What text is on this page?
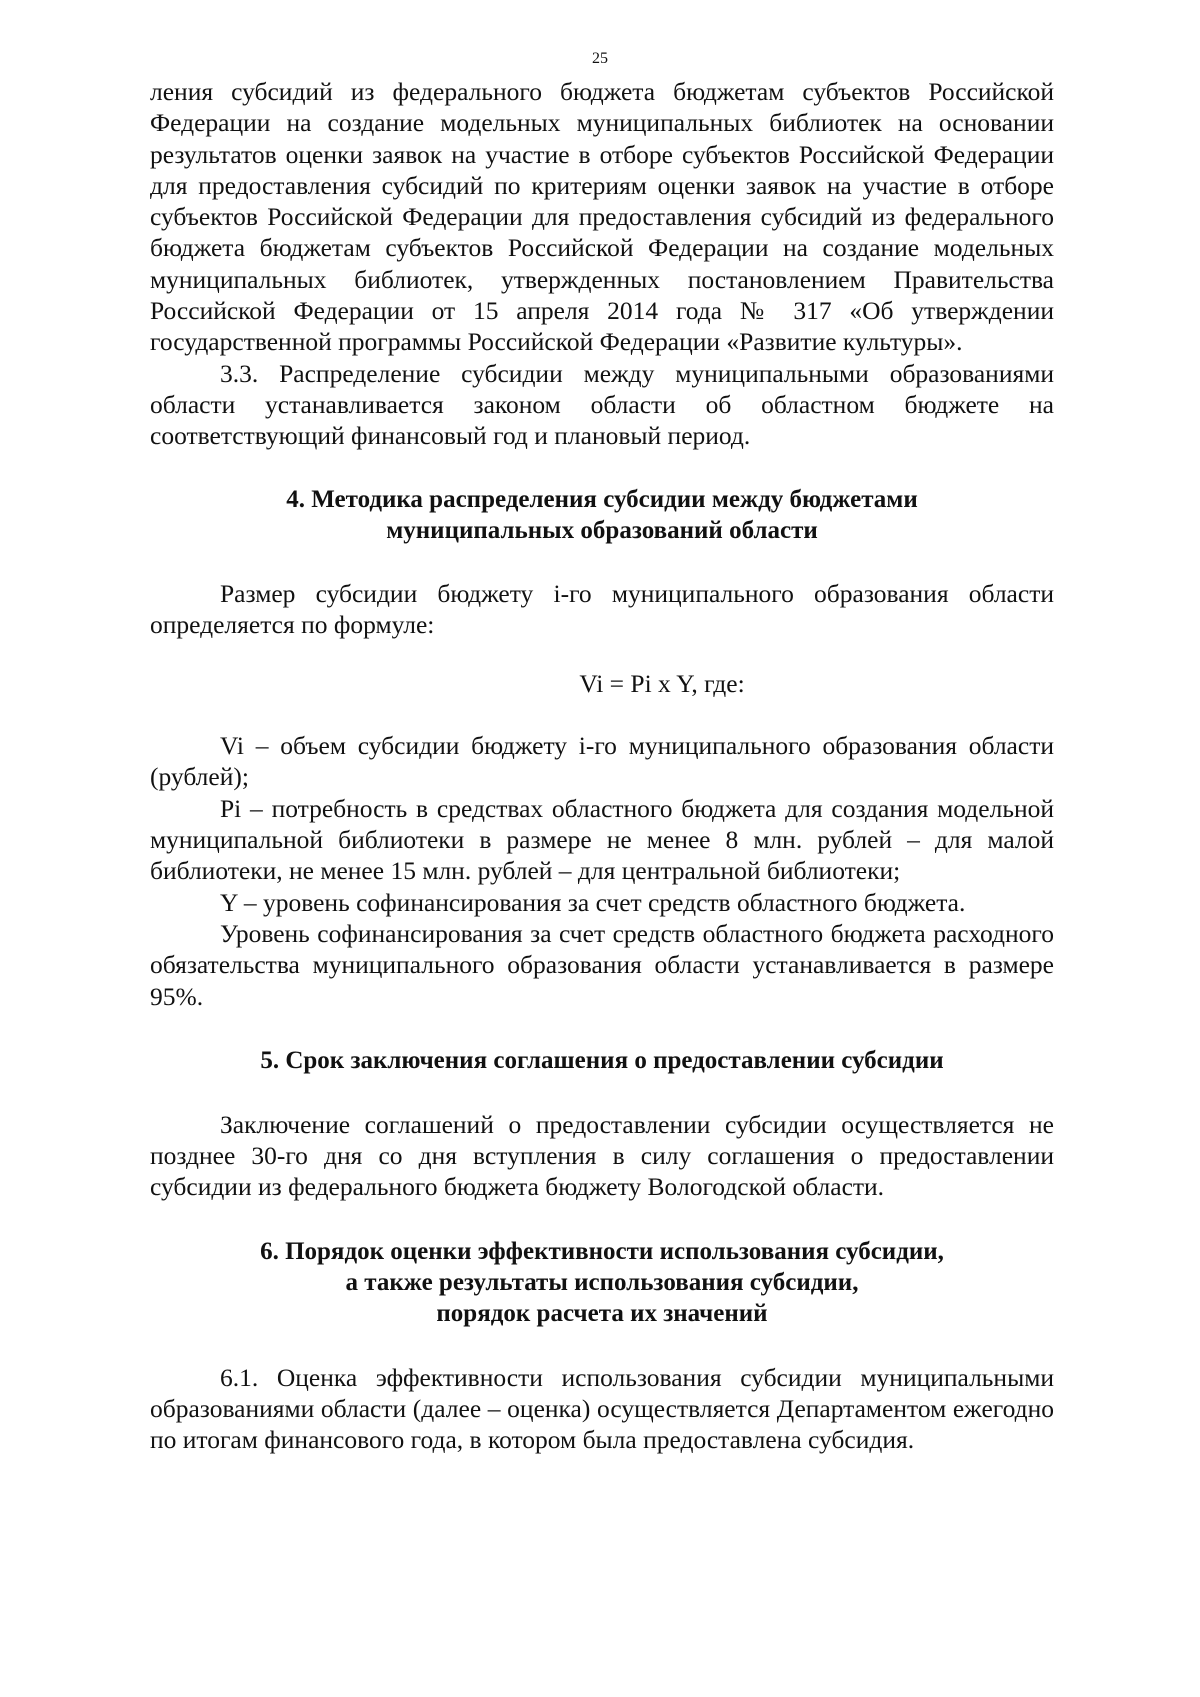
25

ления субсидий из федерального бюджета бюджетам субъектов Российской Федерации на создание модельных муниципальных библиотек на основании результатов оценки заявок на участие в отборе субъектов Российской Федерации для предоставления субсидий по критериям оценки заявок на участие в отборе субъектов Российской Федерации для предоставления субсидий из федерального бюджета бюджетам субъектов Российской Федерации на создание модельных муниципальных библиотек, утвержденных постановлением Правительства Российской Федерации от 15 апреля 2014 года № 317 «Об утверждении государственной программы Российской Федерации «Развитие культуры».

3.3. Распределение субсидии между муниципальными образованиями области устанавливается законом области об областном бюджете на соответствующий финансовый год и плановый период.

4. Методика распределения субсидии между бюджетами
муниципальных образований области

Размер субсидии бюджету i-го муниципального образования области определяется по формуле:

Vi = Pi x Y, где:

Vi – объем субсидии бюджету i-го муниципального образования области (рублей);

Pi – потребность в средствах областного бюджета для создания модельной муниципальной библиотеки в размере не менее 8 млн. рублей – для малой библиотеки, не менее 15 млн. рублей – для центральной библиотеки;

Y – уровень софинансирования за счет средств областного бюджета.

Уровень софинансирования за счет средств областного бюджета расходного обязательства муниципального образования области устанавливается в размере 95%.

5. Срок заключения соглашения о предоставлении субсидии

Заключение соглашений о предоставлении субсидии осуществляется не позднее 30-го дня со дня вступления в силу соглашения о предоставлении субсидии из федерального бюджета бюджету Вологодской области.

6. Порядок оценки эффективности использования субсидии,
а также результаты использования субсидии,
порядок расчета их значений

6.1. Оценка эффективности использования субсидии муниципальными образованиями области (далее – оценка) осуществляется Департаментом ежегодно по итогам финансового года, в котором была предоставлена субсидия.
